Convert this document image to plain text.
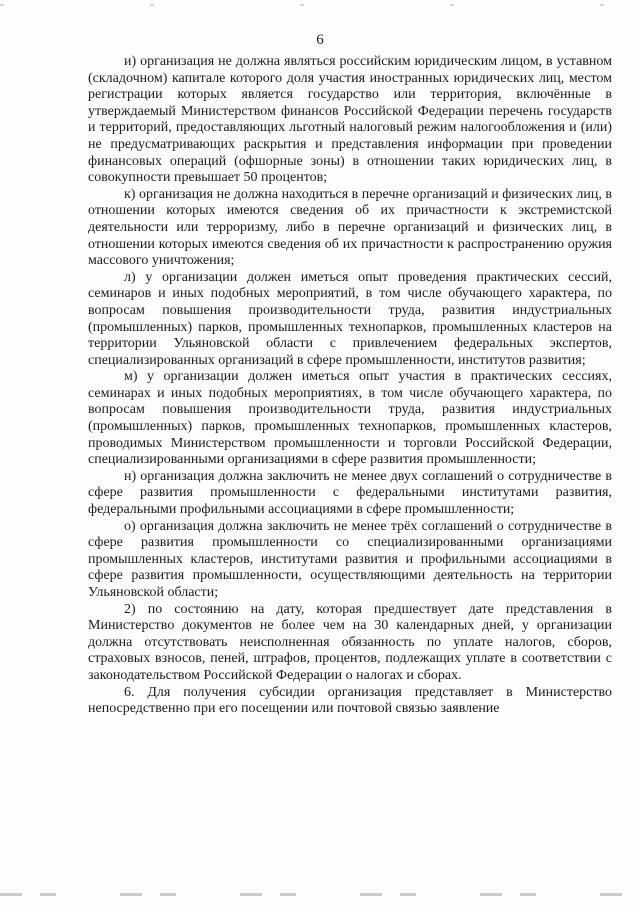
6

и) организация не должна являться российским юридическим лицом, в уставном (складочном) капитале которого доля участия иностранных юридических лиц, местом регистрации которых является государство или территория, включённые в утверждаемый Министерством финансов Российской Федерации перечень государств и территорий, предоставляющих льготный налоговый режим налогообложения и (или) не предусматривающих раскрытия и представления информации при проведении финансовых операций (офшорные зоны) в отношении таких юридических лиц, в совокупности превышает 50 процентов;

к) организация не должна находиться в перечне организаций и физических лиц, в отношении которых имеются сведения об их причастности к экстремистской деятельности или терроризму, либо в перечне организаций и физических лиц, в отношении которых имеются сведения об их причастности к распространению оружия массового уничтожения;

л) у организации должен иметься опыт проведения практических сессий, семинаров и иных подобных мероприятий, в том числе обучающего характера, по вопросам повышения производительности труда, развития индустриальных (промышленных) парков, промышленных технопарков, промышленных кластеров на территории Ульяновской области с привлечением федеральных экспертов, специализированных организаций в сфере промышленности, институтов развития;

м) у организации должен иметься опыт участия в практических сессиях, семинарах и иных подобных мероприятиях, в том числе обучающего характера, по вопросам повышения производительности труда, развития индустриальных (промышленных) парков, промышленных технопарков, промышленных кластеров, проводимых Министерством промышленности и торговли Российской Федерации, специализированными организациями в сфере развития промышленности;

н) организация должна заключить не менее двух соглашений о сотрудничестве в сфере развития промышленности с федеральными институтами развития, федеральными профильными ассоциациями в сфере промышленности;

о) организация должна заключить не менее трёх соглашений о сотрудничестве в сфере развития промышленности со специализированными организациями промышленных кластеров, институтами развития и профильными ассоциациями в сфере развития промышленности, осуществляющими деятельность на территории Ульяновской области;

2) по состоянию на дату, которая предшествует дате представления в Министерство документов не более чем на 30 календарных дней, у организации должна отсутствовать неисполненная обязанность по уплате налогов, сборов, страховых взносов, пеней, штрафов, процентов, подлежащих уплате в соответствии с законодательством Российской Федерации о налогах и сборах.

6. Для получения субсидии организация представляет в Министерство непосредственно при его посещении или почтовой связью заявление
